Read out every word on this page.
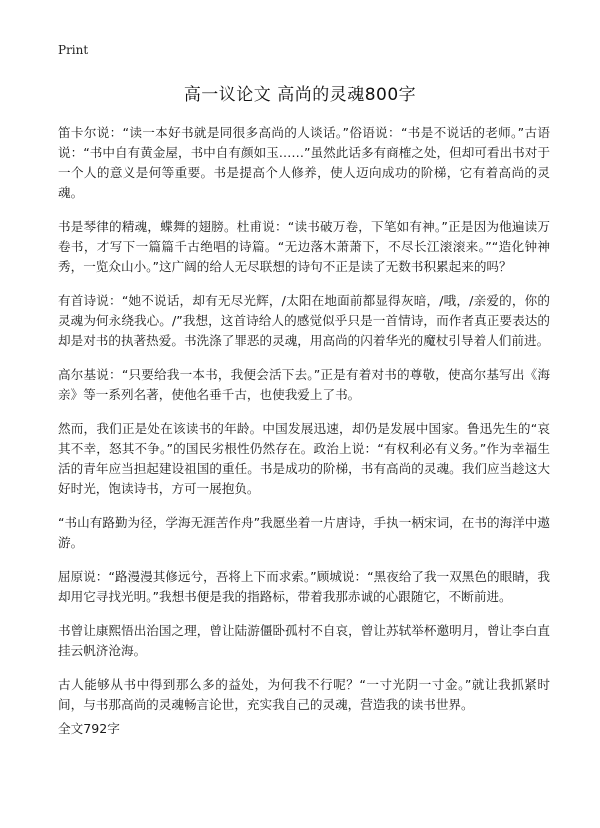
Print
高一议论文 高尚的灵魂800字

笛卡尔说：“读一本好书就是同很多高尚的人谈话。”俗语说：“书是不说话的老师。”古语说：“书中自有黄金屋，书中自有颜如玉……”虽然此话多有商榷之处，但却可看出书对于一个人的意义是何等重要。书是提高个人修养，使人迈向成功的阶梯，它有着高尚的灵魂。

书是琴律的精魂，蝶舞的翅膀。杜甫说：“读书破万卷，下笔如有神。”正是因为他遍读万卷书，才写下一篇篇千古绝唱的诗篇。“无边落木萧萧下，不尽长江滚滚来。”“造化钟神秀，一览众山小。”这广阔的给人无尽联想的诗句不正是读了无数书积累起来的吗？

有首诗说：“她不说话，却有无尽光辉，/太阳在地面前都显得灰暗，/哦，/亲爱的，你的灵魂为何永绕我心。/”我想，这首诗给人的感觉似乎只是一首情诗，而作者真正要表达的却是对书的执著热爱。书洗涤了罪恶的灵魂，用高尚的闪着华光的魔杖引导着人们前进。

高尔基说：“只要给我一本书，我便会活下去。”正是有着对书的尊敬，使高尔基写出《海亲》等一系列名著，使他名垂千古，也使我爱上了书。

然而，我们正是处在该读书的年龄。中国发展迅速，却仍是发展中国家。鲁迅先生的“哀其不幸，怒其不争。”的国民劣根性仍然存在。政治上说：“有权利必有义务。”作为幸福生活的青年应当担起建设祖国的重任。书是成功的阶梯，书有高尚的灵魂。我们应当趁这大好时光，饱读诗书，方可一展抱负。

“书山有路勤为径，学海无涯苦作舟”我愿坐着一片唐诗，手执一柄宋词，在书的海洋中遨游。

屈原说：“路漫漫其修远兮，吾将上下而求索。”顾城说：“黑夜给了我一双黑色的眼睛，我却用它寻找光明。”我想书便是我的指路标，带着我那赤诚的心跟随它，不断前进。

书曾让康熙悟出治国之理，曾让陆游僵卧孤村不自哀，曾让苏轼举杯邀明月，曾让李白直挂云帆济沧海。

古人能够从书中得到那么多的益处，为何我不行呢？“一寸光阴一寸金。”就让我抓紧时间，与书那高尚的灵魂畅言论世，充实我自己的灵魂，营造我的读书世界。

全文792字
